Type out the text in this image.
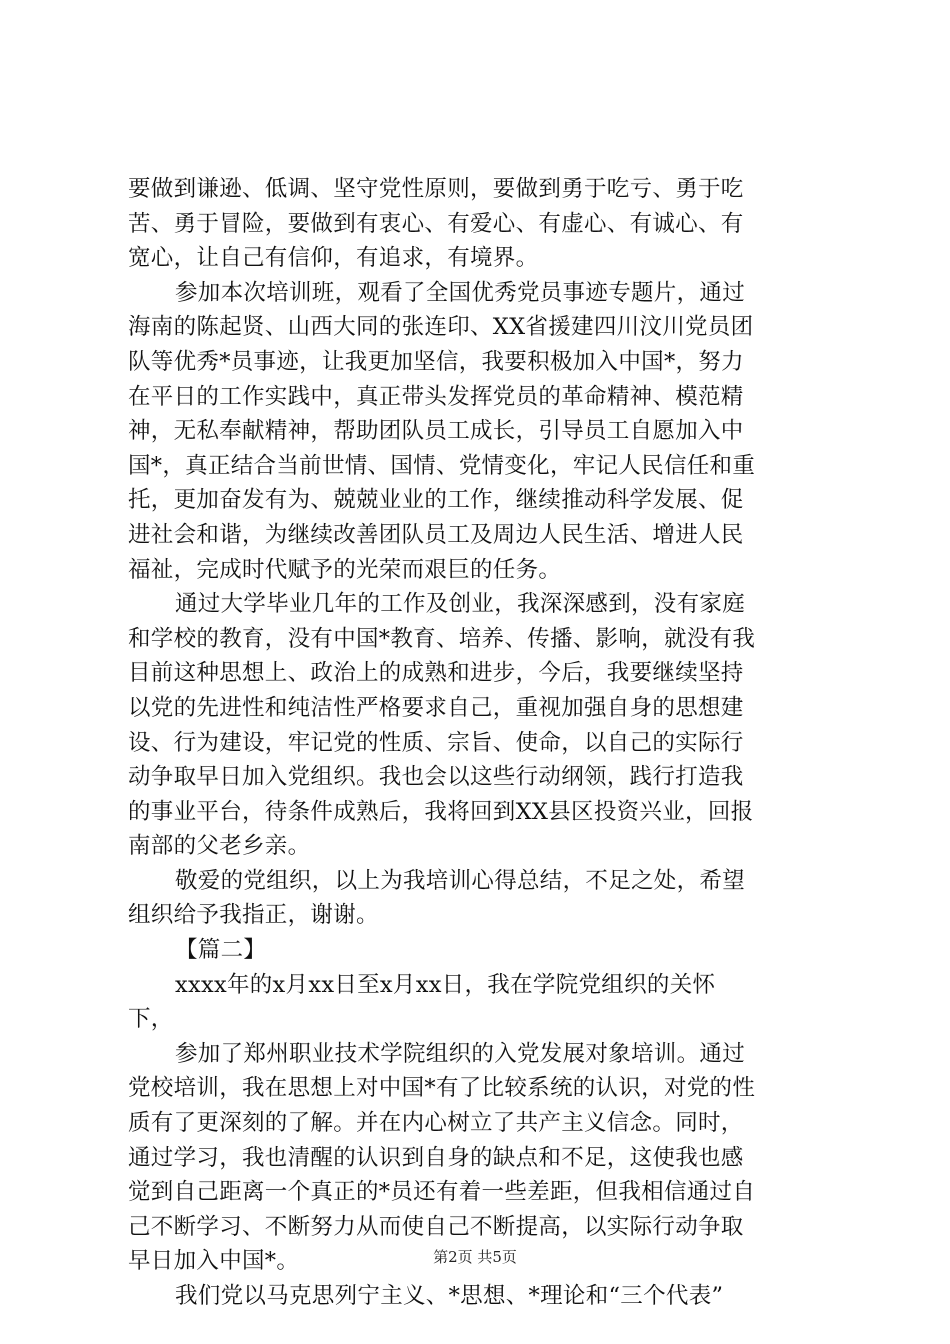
要做到谦逊、低调、坚守党性原则，要做到勇于吃亏、勇于吃
苦、勇于冒险，要做到有衷心、有爱心、有虚心、有诚心、有
宽心，让自己有信仰，有追求，有境界。
参加本次培训班，观看了全国优秀党员事迹专题片，通过
海南的陈起贤、山西大同的张连印、XX省援建四川汶川党员团
队等优秀*员事迹，让我更加坚信，我要积极加入中国*，努力
在平日的工作实践中，真正带头发挥党员的革命精神、模范精
神，无私奉献精神，帮助团队员工成长，引导员工自愿加入中
国*，真正结合当前世情、国情、党情变化，牢记人民信任和重
托，更加奋发有为、兢兢业业的工作，继续推动科学发展、促
进社会和谐，为继续改善团队员工及周边人民生活、增进人民
福祉，完成时代赋予的光荣而艰巨的任务。
通过大学毕业几年的工作及创业，我深深感到，没有家庭
和学校的教育，没有中国*教育、培养、传播、影响，就没有我
目前这种思想上、政治上的成熟和进步，今后，我要继续坚持
以党的先进性和纯洁性严格要求自己，重视加强自身的思想建
设、行为建设，牢记党的性质、宗旨、使命，以自己的实际行
动争取早日加入党组织。我也会以这些行动纲领，践行打造我
的事业平台，待条件成熟后，我将回到XX县区投资兴业，回报
南部的父老乡亲。
敬爱的党组织，以上为我培训心得总结，不足之处，希望
组织给予我指正，谢谢。
【篇二】
xxxx年的x月xx日至x月xx日，我在学院党组织的关怀
下，
参加了郑州职业技术学院组织的入党发展对象培训。通过
党校培训，我在思想上对中国*有了比较系统的认识，对党的性
质有了更深刻的了解。并在内心树立了共产主义信念。同时，
通过学习，我也清醒的认识到自身的缺点和不足，这使我也感
觉到自己距离一个真正的*员还有着一些差距，但我相信通过自
己不断学习、不断努力从而使自己不断提高，以实际行动争取
早日加入中国*。
我们党以马克思列宁主义、*思想、*理论和“三个代表”
第2页 共5页
